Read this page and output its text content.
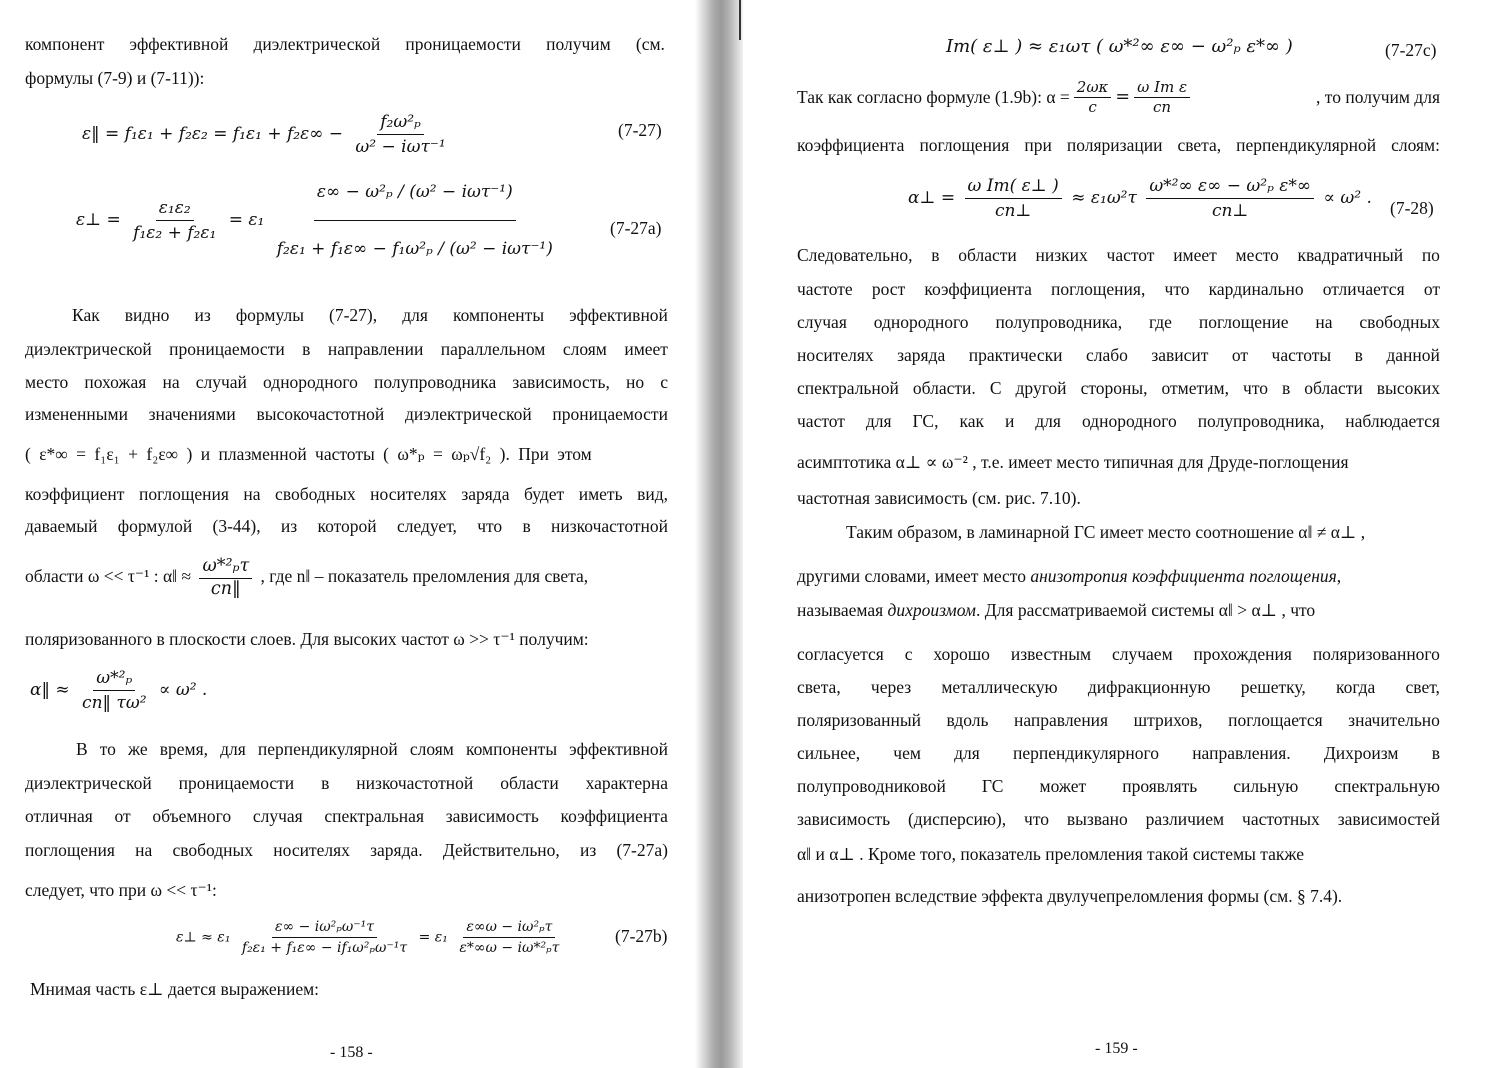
компонент эффективной диэлектрической проницаемости получим (см.
формулы (7-9) и (7-11)):
ε‖ = $f_1\varepsilon_1 + f_2\varepsilon_2 = f_1\varepsilon_1 + f_2\varepsilon\infty - \frac{\text{f₂ω²ₚ}}{\text{ω² − iωτ⁻¹}}$	(7-27)
ε⊥ = $\frac{\text{ε₁ε₂}}{\text{f₁ε₂ + f₂ε₁}} = \varepsilon_1 \frac{\text{ε∞ − ω²ₚ / (ω² − iωτ⁻¹)}}{\text{f₂ε₁ + f₁ε∞ − f₁ω²ₚ / (ω² − iωτ⁻¹)}}$	(7-27a)
Как видно из формулы (7-27), для компоненты эффективной
диэлектрической проницаемости в направлении параллельном слоям имеет
место похожая на случай однородного полупроводника зависимость, но с
измененными значениями высокочастотной диэлектрической проницаемости
( ε*∞ = f₁ε₁ + f₂ε∞ ) и плазменной частоты ( ω*ₚ = ωₚ√f₂ ). При этом
коэффициент поглощения на свободных носителях заряда будет иметь вид,
даваемый формулой (3-44), из которой следует, что в низкочастотной
области ω << τ⁻¹ : α‖ ≈ $\frac{\text{ω*²ₚτ}}{cn‖}$ , где n‖ – показатель преломления для света,
поляризованного в плоскости слоев. Для высоких частот ω >> τ⁻¹ получим:
α‖ ≈ $\frac{\text{ω*²ₚ}}{\text{cn‖ τω²}} \propto \omega^2$ .
В то же время, для перпендикулярной слоям компоненты эффективной
диэлектрической проницаемости в низкочастотной области характерна
отличная от объемного случая спектральная зависимость коэффициента
поглощения на свободных носителях заряда. Действительно, из (7-27а)
следует, что при ω << τ⁻¹:
ε⊥ ≈ $\varepsilon_1 \frac{\text{ε∞ − iω²ₚω⁻¹τ}}{\text{f₂ε₁ + f₁ε∞ − if₁ω²ₚω⁻¹τ}} = \varepsilon_1 \frac{\text{ε∞ω − iω²ₚτ}}{\text{ε*∞ω − iω*²ₚτ}}$	(7-27b)
Мнимая часть ε⊥ дается выражением:
- 158 -
Im( ε⊥ ) ≈ ε₁ωτ ( ω*²∞ ε∞ − ω²ₚ ε*∞ )	(7-27c)
Так как согласно формуле (1.9b): $\alpha = \frac{2\omega\kappa}{c} = \frac{\text{ω Im ε}}{cn}$	, то получим для
коэффициента поглощения при поляризации света, перпендикулярной слоям:
α⊥ = $\frac{\text{ω Im( ε⊥ )}}{cn\perp} \approx \varepsilon_1\omega^2\tau \frac{\text{ω*²∞ ε∞ − ω²ₚ ε*∞}}{cn\perp} \propto \omega^2$ . (7-28)
Следовательно, в области низких частот имеет место квадратичный по
частоте рост коэффициента поглощения, что кардинально отличается от
случая однородного полупроводника, где поглощение на свободных
носителях заряда практически слабо зависит от частоты в данной
спектральной области. С другой стороны, отметим, что в области высоких
частот для ГС, как и для однородного полупроводника, наблюдается
асимптотика α⊥ ∝ ω⁻² , т.е. имеет место типичная для Друде-поглощения
частотная зависимость (см. рис. 7.10).
Таким образом, в ламинарной ГС имеет место соотношение α‖ ≠ α⊥ ,
другими словами, имеет место анизотропия коэффициента поглощения,
называемая дихроизмом. Для рассматриваемой системы α‖ > α⊥ , что
согласуется с хорошо известным случаем прохождения поляризованного
света, через металлическую дифракционную решетку, когда свет,
поляризованный вдоль направления штрихов, поглощается значительно
сильнее, чем для перпендикулярного направления. Дихроизм в
полупроводниковой ГС может проявлять сильную спектральную
зависимость (дисперсию), что вызвано различием частотных зависимостей
α‖ и α⊥ . Кроме того, показатель преломления такой системы также
анизотропен вследствие эффекта двулучепреломления формы (см. § 7.4).
- 159 -
